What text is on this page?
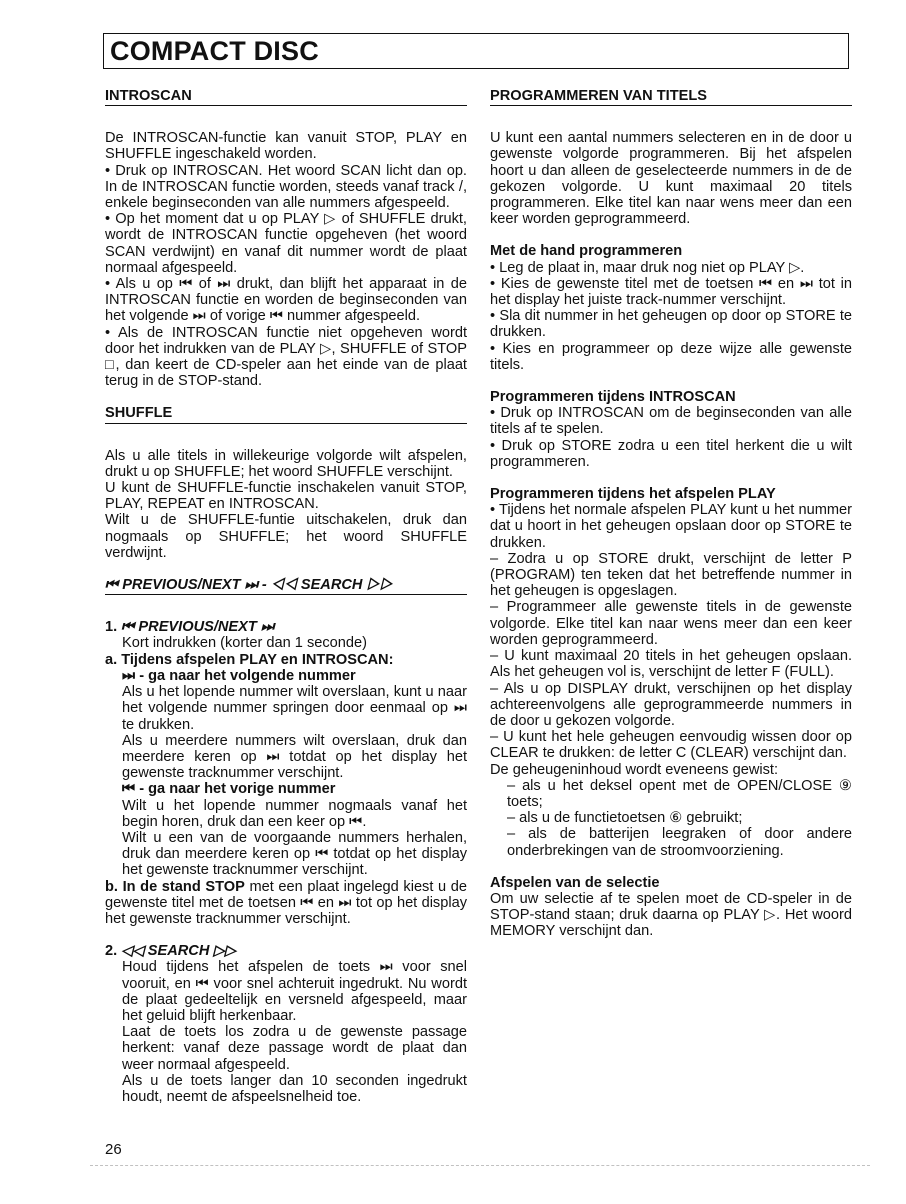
COMPACT DISC
INTROSCAN

De INTROSCAN-functie kan vanuit STOP, PLAY en SHUFFLE ingeschakeld worden.

• Druk op INTROSCAN. Het woord SCAN licht dan op. In de INTROSCAN functie worden, steeds vanaf track /, enkele beginseconden van alle nummers afgespeeld.

• Op het moment dat u op PLAY ▷ of SHUFFLE drukt, wordt de INTROSCAN functie opgeheven (het woord SCAN verdwijnt) en vanaf dit nummer wordt de plaat normaal afgespeeld.

• Als u op ⏮ of ⏭ drukt, dan blijft het apparaat in de INTROSCAN functie en worden de beginseconden van het volgende ⏭ of vorige ⏮ nummer afgespeeld.

• Als de INTROSCAN functie niet opgeheven wordt door het indrukken van de PLAY ▷, SHUFFLE of STOP □, dan keert de CD-speler aan het einde van de plaat terug in de STOP-stand.

SHUFFLE

Als u alle titels in willekeurige volgorde wilt afspelen, drukt u op SHUFFLE; het woord SHUFFLE verschijnt.

U kunt de SHUFFLE-functie inschakelen vanuit STOP, PLAY, REPEAT en INTROSCAN.

Wilt u de SHUFFLE-funtie uitschakelen, druk dan nogmaals op SHUFFLE; het woord SHUFFLE verdwijnt.

⏮ PREVIOUS/NEXT ⏭ - ◁◁ SEARCH ▷▷

1. ⏮ PREVIOUS/NEXT ⏭

Kort indrukken (korter dan 1 seconde)

a. Tijdens afspelen PLAY en INTROSCAN:

⏭ - ga naar het volgende nummer

Als u het lopende nummer wilt overslaan, kunt u naar het volgende nummer springen door eenmaal op ⏭ te drukken.

Als u meerdere nummers wilt overslaan, druk dan meerdere keren op ⏭ totdat op het display het gewenste tracknummer verschijnt.

⏮ - ga naar het vorige nummer

Wilt u het lopende nummer nogmaals vanaf het begin horen, druk dan een keer op ⏮.

Wilt u een van de voorgaande nummers herhalen, druk dan meerdere keren op ⏮ totdat op het display het gewenste tracknummer verschijnt.

b. In de stand STOP met een plaat ingelegd kiest u de gewenste titel met de toetsen ⏮ en ⏭ tot op het display het gewenste tracknummer verschijnt.

2. ◁◁ SEARCH ▷▷

Houd tijdens het afspelen de toets ⏭ voor snel vooruit, en ⏮ voor snel achteruit ingedrukt. Nu wordt de plaat gedeeltelijk en versneld afgespeeld, maar het geluid blijft herkenbaar.

Laat de toets los zodra u de gewenste passage herkent: vanaf deze passage wordt de plaat dan weer normaal afgespeeld.

Als u de toets langer dan 10 seconden ingedrukt houdt, neemt de afspeelsnelheid toe.

PROGRAMMEREN VAN TITELS

U kunt een aantal nummers selecteren en in de door u gewenste volgorde programmeren. Bij het afspelen hoort u dan alleen de geselecteerde nummers in de de gekozen volgorde. U kunt maximaal 20 titels programmeren. Elke titel kan naar wens meer dan een keer worden geprogrammeerd.

Met de hand programmeren

• Leg de plaat in, maar druk nog niet op PLAY ▷.

• Kies de gewenste titel met de toetsen ⏮ en ⏭ tot in het display het juiste track-nummer verschijnt.

• Sla dit nummer in het geheugen op door op STORE te drukken.

• Kies en programmeer op deze wijze alle gewenste titels.

Programmeren tijdens INTROSCAN

• Druk op INTROSCAN om de beginseconden van alle titels af te spelen.

• Druk op STORE zodra u een titel herkent die u wilt programmeren.

Programmeren tijdens het afspelen PLAY

• Tijdens het normale afspelen PLAY kunt u het nummer dat u hoort in het geheugen opslaan door op STORE te drukken.

– Zodra u op STORE drukt, verschijnt de letter P (PROGRAM) ten teken dat het betreffende nummer in het geheugen is opgeslagen.

– Programmeer alle gewenste titels in de gewenste volgorde. Elke titel kan naar wens meer dan een keer worden geprogrammeerd.

– U kunt maximaal 20 titels in het geheugen opslaan. Als het geheugen vol is, verschijnt de letter F (FULL).

– Als u op DISPLAY drukt, verschijnen op het display achtereenvolgens alle geprogrammeerde nummers in de door u gekozen volgorde.

– U kunt het hele geheugen eenvoudig wissen door op CLEAR te drukken: de letter C (CLEAR) verschijnt dan.

De geheugeninhoud wordt eveneens gewist:

– als u het deksel opent met de OPEN/CLOSE ⑨ toets;

– als u de functietoetsen ⑥ gebruikt;

– als de batterijen leegraken of door andere onderbrekingen van de stroomvoorziening.

Afspelen van de selectie

Om uw selectie af te spelen moet de CD-speler in de STOP-stand staan; druk daarna op PLAY ▷. Het woord MEMORY verschijnt dan.

26
